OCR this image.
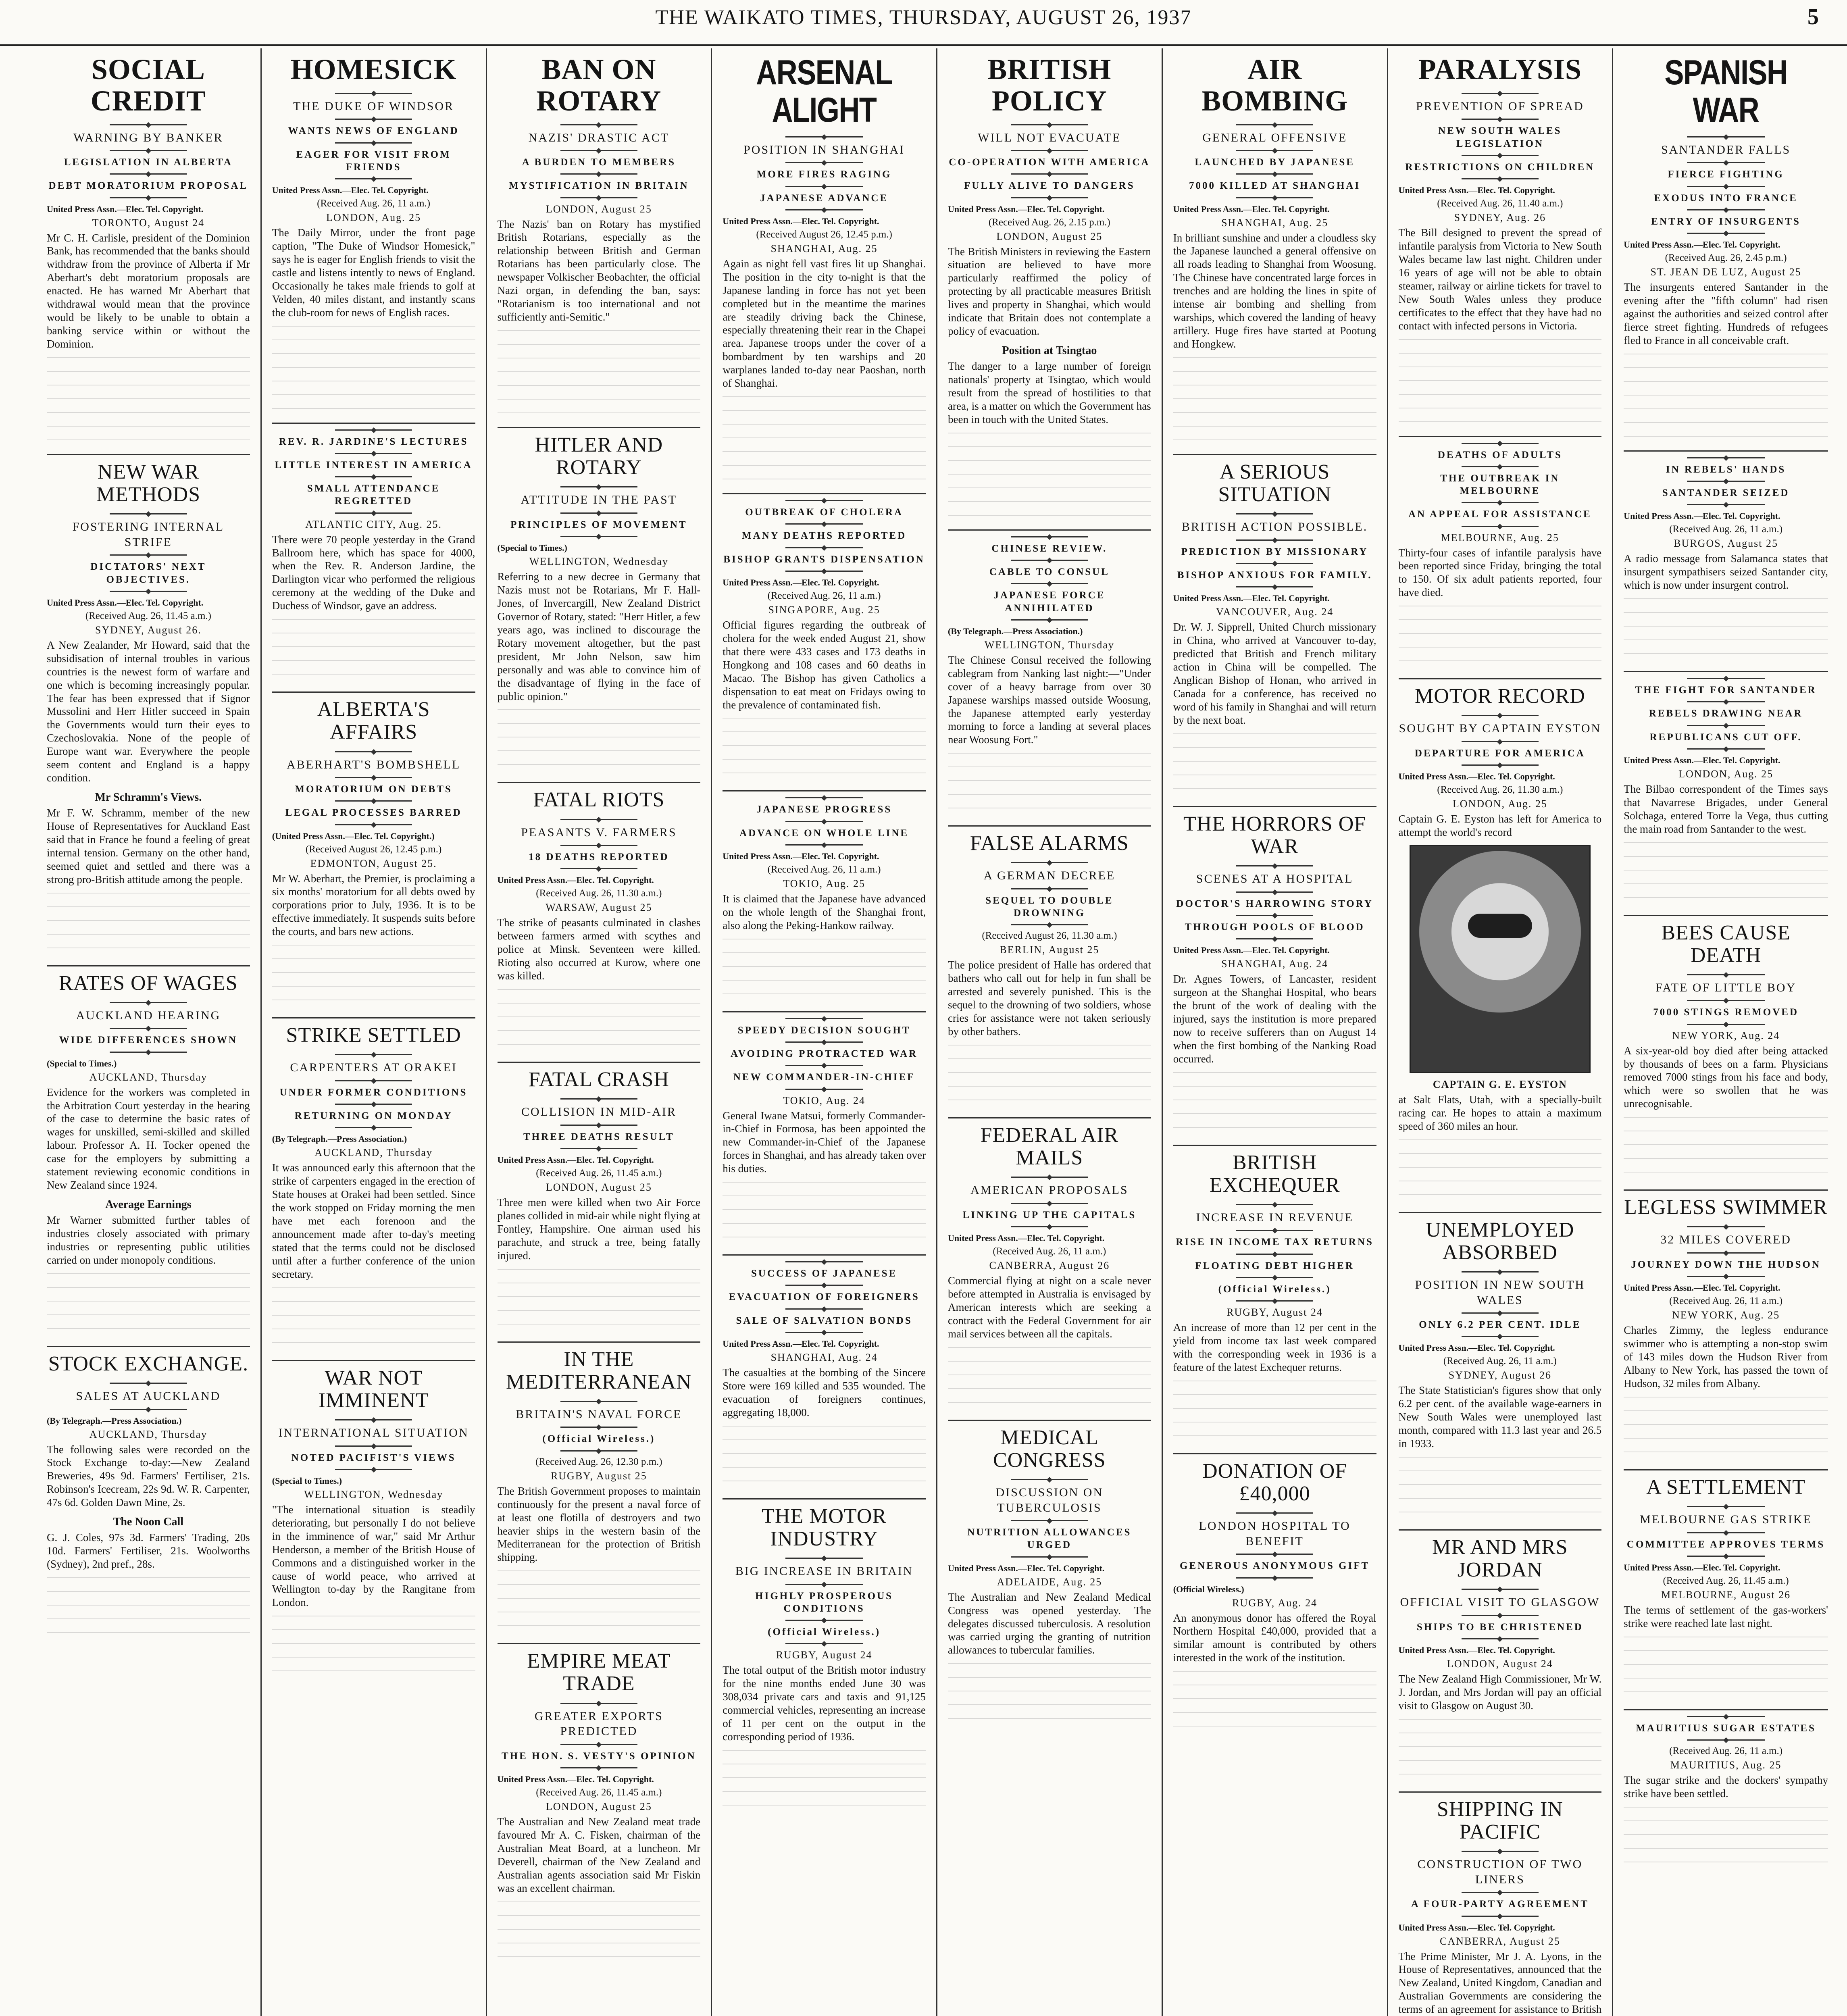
THE WAIKATO TIMES, THURSDAY, AUGUST 26, 1937	5
SOCIAL CREDIT
WARNING BY BANKER
LEGISLATION IN ALBERTA
DEBT MORATORIUM PROPOSAL
United Press Assn.—Elec. Tel. Copyright.
TORONTO, August 24

Mr C. H. Carlisle, president of the Dominion Bank, has recommended that the banks should withdraw from the province of Alberta if Mr Aberhart's debt moratorium proposals are enacted. He has warned Mr Aberhart that withdrawal would mean that the province would be likely to be unable to obtain a banking service within or without the Dominion.

NEW WAR METHODS
FOSTERING INTERNAL STRIFE
DICTATORS' NEXT OBJECTIVES.
United Press Assn.—Elec. Tel. Copyright.
(Received Aug. 26, 11.45 a.m.)
SYDNEY, August 26.

A New Zealander, Mr Howard, said that the subsidisation of internal troubles in various countries is the newest form of warfare and one which is becoming increasingly popular. The fear has been expressed that if Signor Mussolini and Herr Hitler succeed in Spain the Governments would turn their eyes to Czechoslovakia. None of the people of Europe want war. Everywhere the people seem content and England is a happy condition.

Mr Schramm's Views.

Mr F. W. Schramm, member of the new House of Representatives for Auckland East said that in France he found a feeling of great internal tension. Germany on the other hand, seemed quiet and settled and there was a strong pro-British attitude among the people.

RATES OF WAGES
AUCKLAND HEARING
WIDE DIFFERENCES SHOWN
(Special to Times.)
AUCKLAND, Thursday

Evidence for the workers was completed in the Arbitration Court yesterday in the hearing of the case to determine the basic rates of wages for unskilled, semi-skilled and skilled labour. Professor A. H. Tocker opened the case for the employers by submitting a statement reviewing economic conditions in New Zealand since 1924.

Average Earnings

Mr Warner submitted further tables of industries closely associated with primary industries or representing public utilities carried on under monopoly conditions.

STOCK EXCHANGE.
SALES AT AUCKLAND
(By Telegraph.—Press Association.)
AUCKLAND, Thursday

The following sales were recorded on the Stock Exchange to-day:—New Zealand Breweries, 49s 9d. Farmers' Fertiliser, 21s. Robinson's Icecream, 22s 9d. W. R. Carpenter, 47s 6d. Golden Dawn Mine, 2s.

The Noon Call

G. J. Coles, 97s 3d. Farmers' Trading, 20s 10d. Farmers' Fertiliser, 21s. Woolworths (Sydney), 2nd pref., 28s.

HOMESICK
THE DUKE OF WINDSOR
WANTS NEWS OF ENGLAND
EAGER FOR VISIT FROM FRIENDS
United Press Assn.—Elec. Tel. Copyright.
(Received Aug. 26, 11 a.m.)
LONDON, Aug. 25

The Daily Mirror, under the front page caption, "The Duke of Windsor Homesick," says he is eager for English friends to visit the castle and listens intently to news of England. Occasionally he takes male friends to golf at Velden, 40 miles distant, and instantly scans the club-room for news of English races.

REV. R. JARDINE'S LECTURES
LITTLE INTEREST IN AMERICA
SMALL ATTENDANCE REGRETTED
ATLANTIC CITY, Aug. 25.

There were 70 people yesterday in the Grand Ballroom here, which has space for 4000, when the Rev. R. Anderson Jardine, the Darlington vicar who performed the religious ceremony at the wedding of the Duke and Duchess of Windsor, gave an address.

ALBERTA'S AFFAIRS
ABERHART'S BOMBSHELL
MORATORIUM ON DEBTS
LEGAL PROCESSES BARRED
(United Press Assn.—Elec. Tel. Copyright.)
(Received August 26, 12.45 p.m.)
EDMONTON, August 25.

Mr W. Aberhart, the Premier, is proclaiming a six months' moratorium for all debts owed by corporations prior to July, 1936. It is to be effective immediately. It suspends suits before the courts, and bars new actions.

STRIKE SETTLED
CARPENTERS AT ORAKEI
UNDER FORMER CONDITIONS
RETURNING ON MONDAY
(By Telegraph.—Press Association.)
AUCKLAND, Thursday

It was announced early this afternoon that the strike of carpenters engaged in the erection of State houses at Orakei had been settled. Since the work stopped on Friday morning the men have met each forenoon and the announcement made after to-day's meeting stated that the terms could not be disclosed until after a further conference of the union secretary.

WAR NOT IMMINENT
INTERNATIONAL SITUATION
NOTED PACIFIST'S VIEWS
(Special to Times.)
WELLINGTON, Wednesday

"The international situation is steadily deteriorating, but personally I do not believe in the imminence of war," said Mr Arthur Henderson, a member of the British House of Commons and a distinguished worker in the cause of world peace, who arrived at Wellington to-day by the Rangitane from London.

BAN ON ROTARY
NAZIS' DRASTIC ACT
A BURDEN TO MEMBERS
MYSTIFICATION IN BRITAIN
LONDON, August 25

The Nazis' ban on Rotary has mystified British Rotarians, especially as the relationship between British and German Rotarians has been particularly close. The newspaper Volkischer Beobachter, the official Nazi organ, in defending the ban, says: "Rotarianism is too international and not sufficiently anti-Semitic."

HITLER AND ROTARY
ATTITUDE IN THE PAST
PRINCIPLES OF MOVEMENT
(Special to Times.)
WELLINGTON, Wednesday

Referring to a new decree in Germany that Nazis must not be Rotarians, Mr F. Hall-Jones, of Invercargill, New Zealand District Governor of Rotary, stated: "Herr Hitler, a few years ago, was inclined to discourage the Rotary movement altogether, but the past president, Mr John Nelson, saw him personally and was able to convince him of the disadvantage of flying in the face of public opinion."

FATAL RIOTS
PEASANTS V. FARMERS
18 DEATHS REPORTED
United Press Assn.—Elec. Tel. Copyright.
(Received Aug. 26, 11.30 a.m.)
WARSAW, August 25

The strike of peasants culminated in clashes between farmers armed with scythes and police at Minsk. Seventeen were killed. Rioting also occurred at Kurow, where one was killed.

FATAL CRASH
COLLISION IN MID-AIR
THREE DEATHS RESULT
United Press Assn.—Elec. Tel. Copyright.
(Received Aug. 26, 11.45 a.m.)
LONDON, August 25

Three men were killed when two Air Force planes collided in mid-air while night flying at Fontley, Hampshire. One airman used his parachute, and struck a tree, being fatally injured.

IN THE MEDITERRANEAN
BRITAIN'S NAVAL FORCE
(Official Wireless.)
(Received Aug. 26, 12.30 p.m.)
RUGBY, August 25

The British Government proposes to maintain continuously for the present a naval force of at least one flotilla of destroyers and two heavier ships in the western basin of the Mediterranean for the protection of British shipping.

EMPIRE MEAT TRADE
GREATER EXPORTS PREDICTED
THE HON. S. VESTY'S OPINION
United Press Assn.—Elec. Tel. Copyright.
(Received Aug. 26, 11.45 a.m.)
LONDON, August 25

The Australian and New Zealand meat trade favoured Mr A. C. Fisken, chairman of the Australian Meat Board, at a luncheon. Mr Deverell, chairman of the New Zealand and Australian agents association said Mr Fiskin was an excellent chairman.

ARSENAL ALIGHT
POSITION IN SHANGHAI
MORE FIRES RAGING
JAPANESE ADVANCE
United Press Assn.—Elec. Tel. Copyright.
(Received August 26, 12.45 p.m.)
SHANGHAI, Aug. 25

Again as night fell vast fires lit up Shanghai. The position in the city to-night is that the Japanese landing in force has not yet been completed but in the meantime the marines are steadily driving back the Chinese, especially threatening their rear in the Chapei area. Japanese troops under the cover of a bombardment by ten warships and 20 warplanes landed to-day near Paoshan, north of Shanghai.

OUTBREAK OF CHOLERA
MANY DEATHS REPORTED
BISHOP GRANTS DISPENSATION
United Press Assn.—Elec. Tel. Copyright.
(Received Aug. 26, 11 a.m.)
SINGAPORE, Aug. 25

Official figures regarding the outbreak of cholera for the week ended August 21, show that there were 433 cases and 173 deaths in Hongkong and 108 cases and 60 deaths in Macao. The Bishop has given Catholics a dispensation to eat meat on Fridays owing to the prevalence of contaminated fish.

JAPANESE PROGRESS
ADVANCE ON WHOLE LINE
United Press Assn.—Elec. Tel. Copyright.
(Received Aug. 26, 11 a.m.)
TOKIO, Aug. 25

It is claimed that the Japanese have advanced on the whole length of the Shanghai front, also along the Peking-Hankow railway.

SPEEDY DECISION SOUGHT
AVOIDING PROTRACTED WAR
NEW COMMANDER-IN-CHIEF
TOKIO, Aug. 24

General Iwane Matsui, formerly Commander-in-Chief in Formosa, has been appointed the new Commander-in-Chief of the Japanese forces in Shanghai, and has already taken over his duties.

SUCCESS OF JAPANESE
EVACUATION OF FOREIGNERS
SALE OF SALVATION BONDS
United Press Assn.—Elec. Tel. Copyright.
SHANGHAI, Aug. 24

The casualties at the bombing of the Sincere Store were 169 killed and 535 wounded. The evacuation of foreigners continues, aggregating 18,000.

THE MOTOR INDUSTRY
BIG INCREASE IN BRITAIN
HIGHLY PROSPEROUS CONDITIONS
(Official Wireless.)
RUGBY, August 24

The total output of the British motor industry for the nine months ended June 30 was 308,034 private cars and taxis and 91,125 commercial vehicles, representing an increase of 11 per cent on the output in the corresponding period of 1936.

BRITISH POLICY
WILL NOT EVACUATE
CO-OPERATION WITH AMERICA
FULLY ALIVE TO DANGERS
United Press Assn.—Elec. Tel. Copyright.
(Received Aug. 26, 2.15 p.m.)
LONDON, August 25

The British Ministers in reviewing the Eastern situation are believed to have more particularly reaffirmed the policy of protecting by all practicable measures British lives and property in Shanghai, which would indicate that Britain does not contemplate a policy of evacuation.

Position at Tsingtao

The danger to a large number of foreign nationals' property at Tsingtao, which would result from the spread of hostilities to that area, is a matter on which the Government has been in touch with the United States.

CHINESE REVIEW.
CABLE TO CONSUL
JAPANESE FORCE ANNIHILATED
(By Telegraph.—Press Association.)
WELLINGTON, Thursday

The Chinese Consul received the following cablegram from Nanking last night:—"Under cover of a heavy barrage from over 30 Japanese warships massed outside Woosung, the Japanese attempted early yesterday morning to force a landing at several places near Woosung Fort."

FALSE ALARMS
A GERMAN DECREE
SEQUEL TO DOUBLE DROWNING
(Received August 26, 11.30 a.m.)
BERLIN, August 25

The police president of Halle has ordered that bathers who call out for help in fun shall be arrested and severely punished. This is the sequel to the drowning of two soldiers, whose cries for assistance were not taken seriously by other bathers.

FEDERAL AIR MAILS
AMERICAN PROPOSALS
LINKING UP THE CAPITALS
United Press Assn.—Elec. Tel. Copyright.
(Received Aug. 26, 11 a.m.)
CANBERRA, August 26

Commercial flying at night on a scale never before attempted in Australia is envisaged by American interests which are seeking a contract with the Federal Government for air mail services between all the capitals.

MEDICAL CONGRESS
DISCUSSION ON TUBERCULOSIS
NUTRITION ALLOWANCES URGED
United Press Assn.—Elec. Tel. Copyright.
ADELAIDE, Aug. 25

The Australian and New Zealand Medical Congress was opened yesterday. The delegates discussed tuberculosis. A resolution was carried urging the granting of nutrition allowances to tubercular families.

AIR BOMBING
GENERAL OFFENSIVE
LAUNCHED BY JAPANESE
7000 KILLED AT SHANGHAI
United Press Assn.—Elec. Tel. Copyright.
SHANGHAI, Aug. 25

In brilliant sunshine and under a cloudless sky the Japanese launched a general offensive on all roads leading to Shanghai from Woosung. The Chinese have concentrated large forces in trenches and are holding the lines in spite of intense air bombing and shelling from warships, which covered the landing of heavy artillery. Huge fires have started at Pootung and Hongkew.

A SERIOUS SITUATION
BRITISH ACTION POSSIBLE.
PREDICTION BY MISSIONARY
BISHOP ANXIOUS FOR FAMILY.
United Press Assn.—Elec. Tel. Copyright.
VANCOUVER, Aug. 24

Dr. W. J. Sipprell, United Church missionary in China, who arrived at Vancouver to-day, predicted that British and French military action in China will be compelled. The Anglican Bishop of Honan, who arrived in Canada for a conference, has received no word of his family in Shanghai and will return by the next boat.

THE HORRORS OF WAR
SCENES AT A HOSPITAL
DOCTOR'S HARROWING STORY
THROUGH POOLS OF BLOOD
United Press Assn.—Elec. Tel. Copyright.
SHANGHAI, Aug. 24

Dr. Agnes Towers, of Lancaster, resident surgeon at the Shanghai Hospital, who bears the brunt of the work of dealing with the injured, says the institution is more prepared now to receive sufferers than on August 14 when the first bombing of the Nanking Road occurred.

BRITISH EXCHEQUER
INCREASE IN REVENUE
RISE IN INCOME TAX RETURNS
FLOATING DEBT HIGHER
(Official Wireless.)
RUGBY, August 24

An increase of more than 12 per cent in the yield from income tax last week compared with the corresponding week in 1936 is a feature of the latest Exchequer returns.

DONATION OF £40,000
LONDON HOSPITAL TO BENEFIT
GENEROUS ANONYMOUS GIFT
(Official Wireless.)
RUGBY, Aug. 24

An anonymous donor has offered the Royal Northern Hospital £40,000, provided that a similar amount is contributed by others interested in the work of the institution.

PARALYSIS
PREVENTION OF SPREAD
NEW SOUTH WALES LEGISLATION
RESTRICTIONS ON CHILDREN
United Press Assn.—Elec. Tel. Copyright.
(Received Aug. 26, 11.40 a.m.)
SYDNEY, Aug. 26

The Bill designed to prevent the spread of infantile paralysis from Victoria to New South Wales became law last night. Children under 16 years of age will not be able to obtain steamer, railway or airline tickets for travel to New South Wales unless they produce certificates to the effect that they have had no contact with infected persons in Victoria.

DEATHS OF ADULTS
THE OUTBREAK IN MELBOURNE
AN APPEAL FOR ASSISTANCE
MELBOURNE, Aug. 25

Thirty-four cases of infantile paralysis have been reported since Friday, bringing the total to 150. Of six adult patients reported, four have died.

MOTOR RECORD
SOUGHT BY CAPTAIN EYSTON
DEPARTURE FOR AMERICA
United Press Assn.—Elec. Tel. Copyright.
(Received Aug. 26, 11.30 a.m.)
LONDON, Aug. 25

Captain G. E. Eyston has left for America to attempt the world's record

CAPTAIN G. E. EYSTON

at Salt Flats, Utah, with a specially-built racing car. He hopes to attain a maximum speed of 360 miles an hour.

UNEMPLOYED ABSORBED
POSITION IN NEW SOUTH WALES
ONLY 6.2 PER CENT. IDLE
United Press Assn.—Elec. Tel. Copyright.
(Received Aug. 26, 11 a.m.)
SYDNEY, August 26

The State Statistician's figures show that only 6.2 per cent. of the available wage-earners in New South Wales were unemployed last month, compared with 11.3 last year and 26.5 in 1933.

MR AND MRS JORDAN
OFFICIAL VISIT TO GLASGOW
SHIPS TO BE CHRISTENED
United Press Assn.—Elec. Tel. Copyright.
LONDON, August 24

The New Zealand High Commissioner, Mr W. J. Jordan, and Mrs Jordan will pay an official visit to Glasgow on August 30.

SHIPPING IN PACIFIC
CONSTRUCTION OF TWO LINERS
A FOUR-PARTY AGREEMENT
United Press Assn.—Elec. Tel. Copyright.
CANBERRA, August 25

The Prime Minister, Mr J. A. Lyons, in the House of Representatives, announced that the New Zealand, United Kingdom, Canadian and Australian Governments are considering the terms of an agreement for assistance to British

SPANISH WAR
SANTANDER FALLS
FIERCE FIGHTING
EXODUS INTO FRANCE
ENTRY OF INSURGENTS
United Press Assn.—Elec. Tel. Copyright.
(Received Aug. 26, 2.45 p.m.)
ST. JEAN DE LUZ, August 25

The insurgents entered Santander in the evening after the "fifth column" had risen against the authorities and seized control after fierce street fighting. Hundreds of refugees fled to France in all conceivable craft.

IN REBELS' HANDS
SANTANDER SEIZED
United Press Assn.—Elec. Tel. Copyright.
(Received Aug. 26, 11 a.m.)
BURGOS, August 25

A radio message from Salamanca states that insurgent sympathisers seized Santander city, which is now under insurgent control.

THE FIGHT FOR SANTANDER
REBELS DRAWING NEAR
REPUBLICANS CUT OFF.
United Press Assn.—Elec. Tel. Copyright.
LONDON, Aug. 25

The Bilbao correspondent of the Times says that Navarrese Brigades, under General Solchaga, entered Torre la Vega, thus cutting the main road from Santander to the west.

BEES CAUSE DEATH
FATE OF LITTLE BOY
7000 STINGS REMOVED
NEW YORK, Aug. 24

A six-year-old boy died after being attacked by thousands of bees on a farm. Physicians removed 7000 stings from his face and body, which were so swollen that he was unrecognisable.

LEGLESS SWIMMER
32 MILES COVERED
JOURNEY DOWN THE HUDSON
United Press Assn.—Elec. Tel. Copyright.
(Received Aug. 26, 11 a.m.)
NEW YORK, Aug. 25

Charles Zimmy, the legless endurance swimmer who is attempting a non-stop swim of 143 miles down the Hudson River from Albany to New York, has passed the town of Hudson, 32 miles from Albany.

A SETTLEMENT
MELBOURNE GAS STRIKE
COMMITTEE APPROVES TERMS
United Press Assn.—Elec. Tel. Copyright.
(Received Aug. 26, 11.45 a.m.)
MELBOURNE, August 26

The terms of settlement of the gas-workers' strike were reached late last night.

MAURITIUS SUGAR ESTATES
(Received Aug. 26, 11 a.m.)
MAURITIUS, Aug. 25

The sugar strike and the dockers' sympathy strike have been settled.
